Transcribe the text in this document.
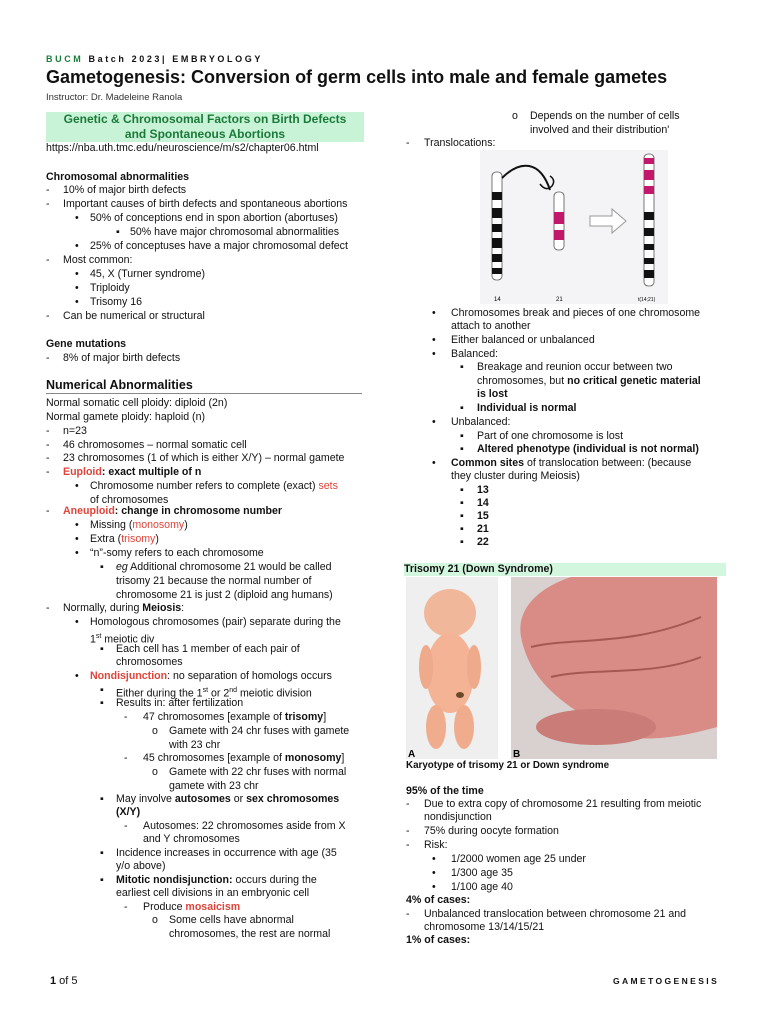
BUCM Batch 2023| EMBRYOLOGY
Gametogenesis: Conversion of germ cells into male and female gametes
Instructor: Dr. Madeleine Ranola
Genetic & Chromosomal Factors on Birth Defects
and Spontaneous Abortions
https://nba.uth.tmc.edu/neuroscience/m/s2/chapter06.html
Chromosomal abnormalities
- 10% of major birth defects
- Important causes of birth defects and spontaneous abortions
• 50% of conceptions end in spon abortion (abortuses)
▪ 50% have major chromosomal abnormalities
• 25% of conceptuses have a major chromosomal defect
- Most common:
• 45, X (Turner syndrome)
• Triploidy
• Trisomy 16
- Can be numerical or structural
Gene mutations
- 8% of major birth defects
Numerical Abnormalities
Normal somatic cell ploidy: diploid (2n)
Normal gamete ploidy: haploid (n)
- n=23
- 46 chromosomes – normal somatic cell
- 23 chromosomes (1 of which is either X/Y) – normal gamete
- Euploid: exact multiple of n
• Chromosome number refers to complete (exact) sets
of chromosomes
- Aneuploid: change in chromosome number
• Missing (monosomy)
• Extra (trisomy)
• “n”-somy refers to each chromosome
▪ eg Additional chromosome 21 would be called
trisomy 21 because the normal number of
chromosome 21 is just 2 (diploid ang humans)
- Normally, during Meiosis:
• Homologous chromosomes (pair) separate during the
1st meiotic div
▪ Each cell has 1 member of each pair of
chromosomes
• Nondisjunction: no separation of homologs occurs
▪ Either during the 1st or 2nd meiotic division
▪ Results in: after fertilization
- 47 chromosomes [example of trisomy]
o Gamete with 24 chr fuses with gamete
with 23 chr
- 45 chromosomes [example of monosomy]
o Gamete with 22 chr fuses with normal
gamete with 23 chr
▪ May involve autosomes or sex chromosomes
(X/Y)
- Autosomes: 22 chromosomes aside from X
and Y chromosomes
▪ Incidence increases in occurrence with age (35
y/o above)
▪ Mitotic nondisjunction: occurs during the
earliest cell divisions in an embryonic cell
- Produce mosaicism
o Some cells have abnormal
chromosomes, the rest are normal
o Depends on the number of cells
involved and their distribution'
- Translocations:
14	21	t(14;21)
• Chromosomes break and pieces of one chromosome
attach to another
• Either balanced or unbalanced
• Balanced:
▪ Breakage and reunion occur between two
chromosomes, but no critical genetic material
is lost
▪ Individual is normal
• Unbalanced:
▪ Part of one chromosome is lost
▪ Altered phenotype (individual is not normal)
• Common sites of translocation between: (because
they cluster during Meiosis)
▪ 13
▪ 14
▪ 15
▪ 21
▪ 22
Trisomy 21 (Down Syndrome)
A	B
Karyotype of trisomy 21 or Down syndrome
95% of the time
- Due to extra copy of chromosome 21 resulting from meiotic
nondisjunction
- 75% during oocyte formation
- Risk:
• 1/2000 women age 25 under
• 1/300 age 35
• 1/100 age 40
4% of cases:
- Unbalanced translocation between chromosome 21 and
chromosome 13/14/15/21
1% of cases:
1 of 5	GAMETOGENESIS
